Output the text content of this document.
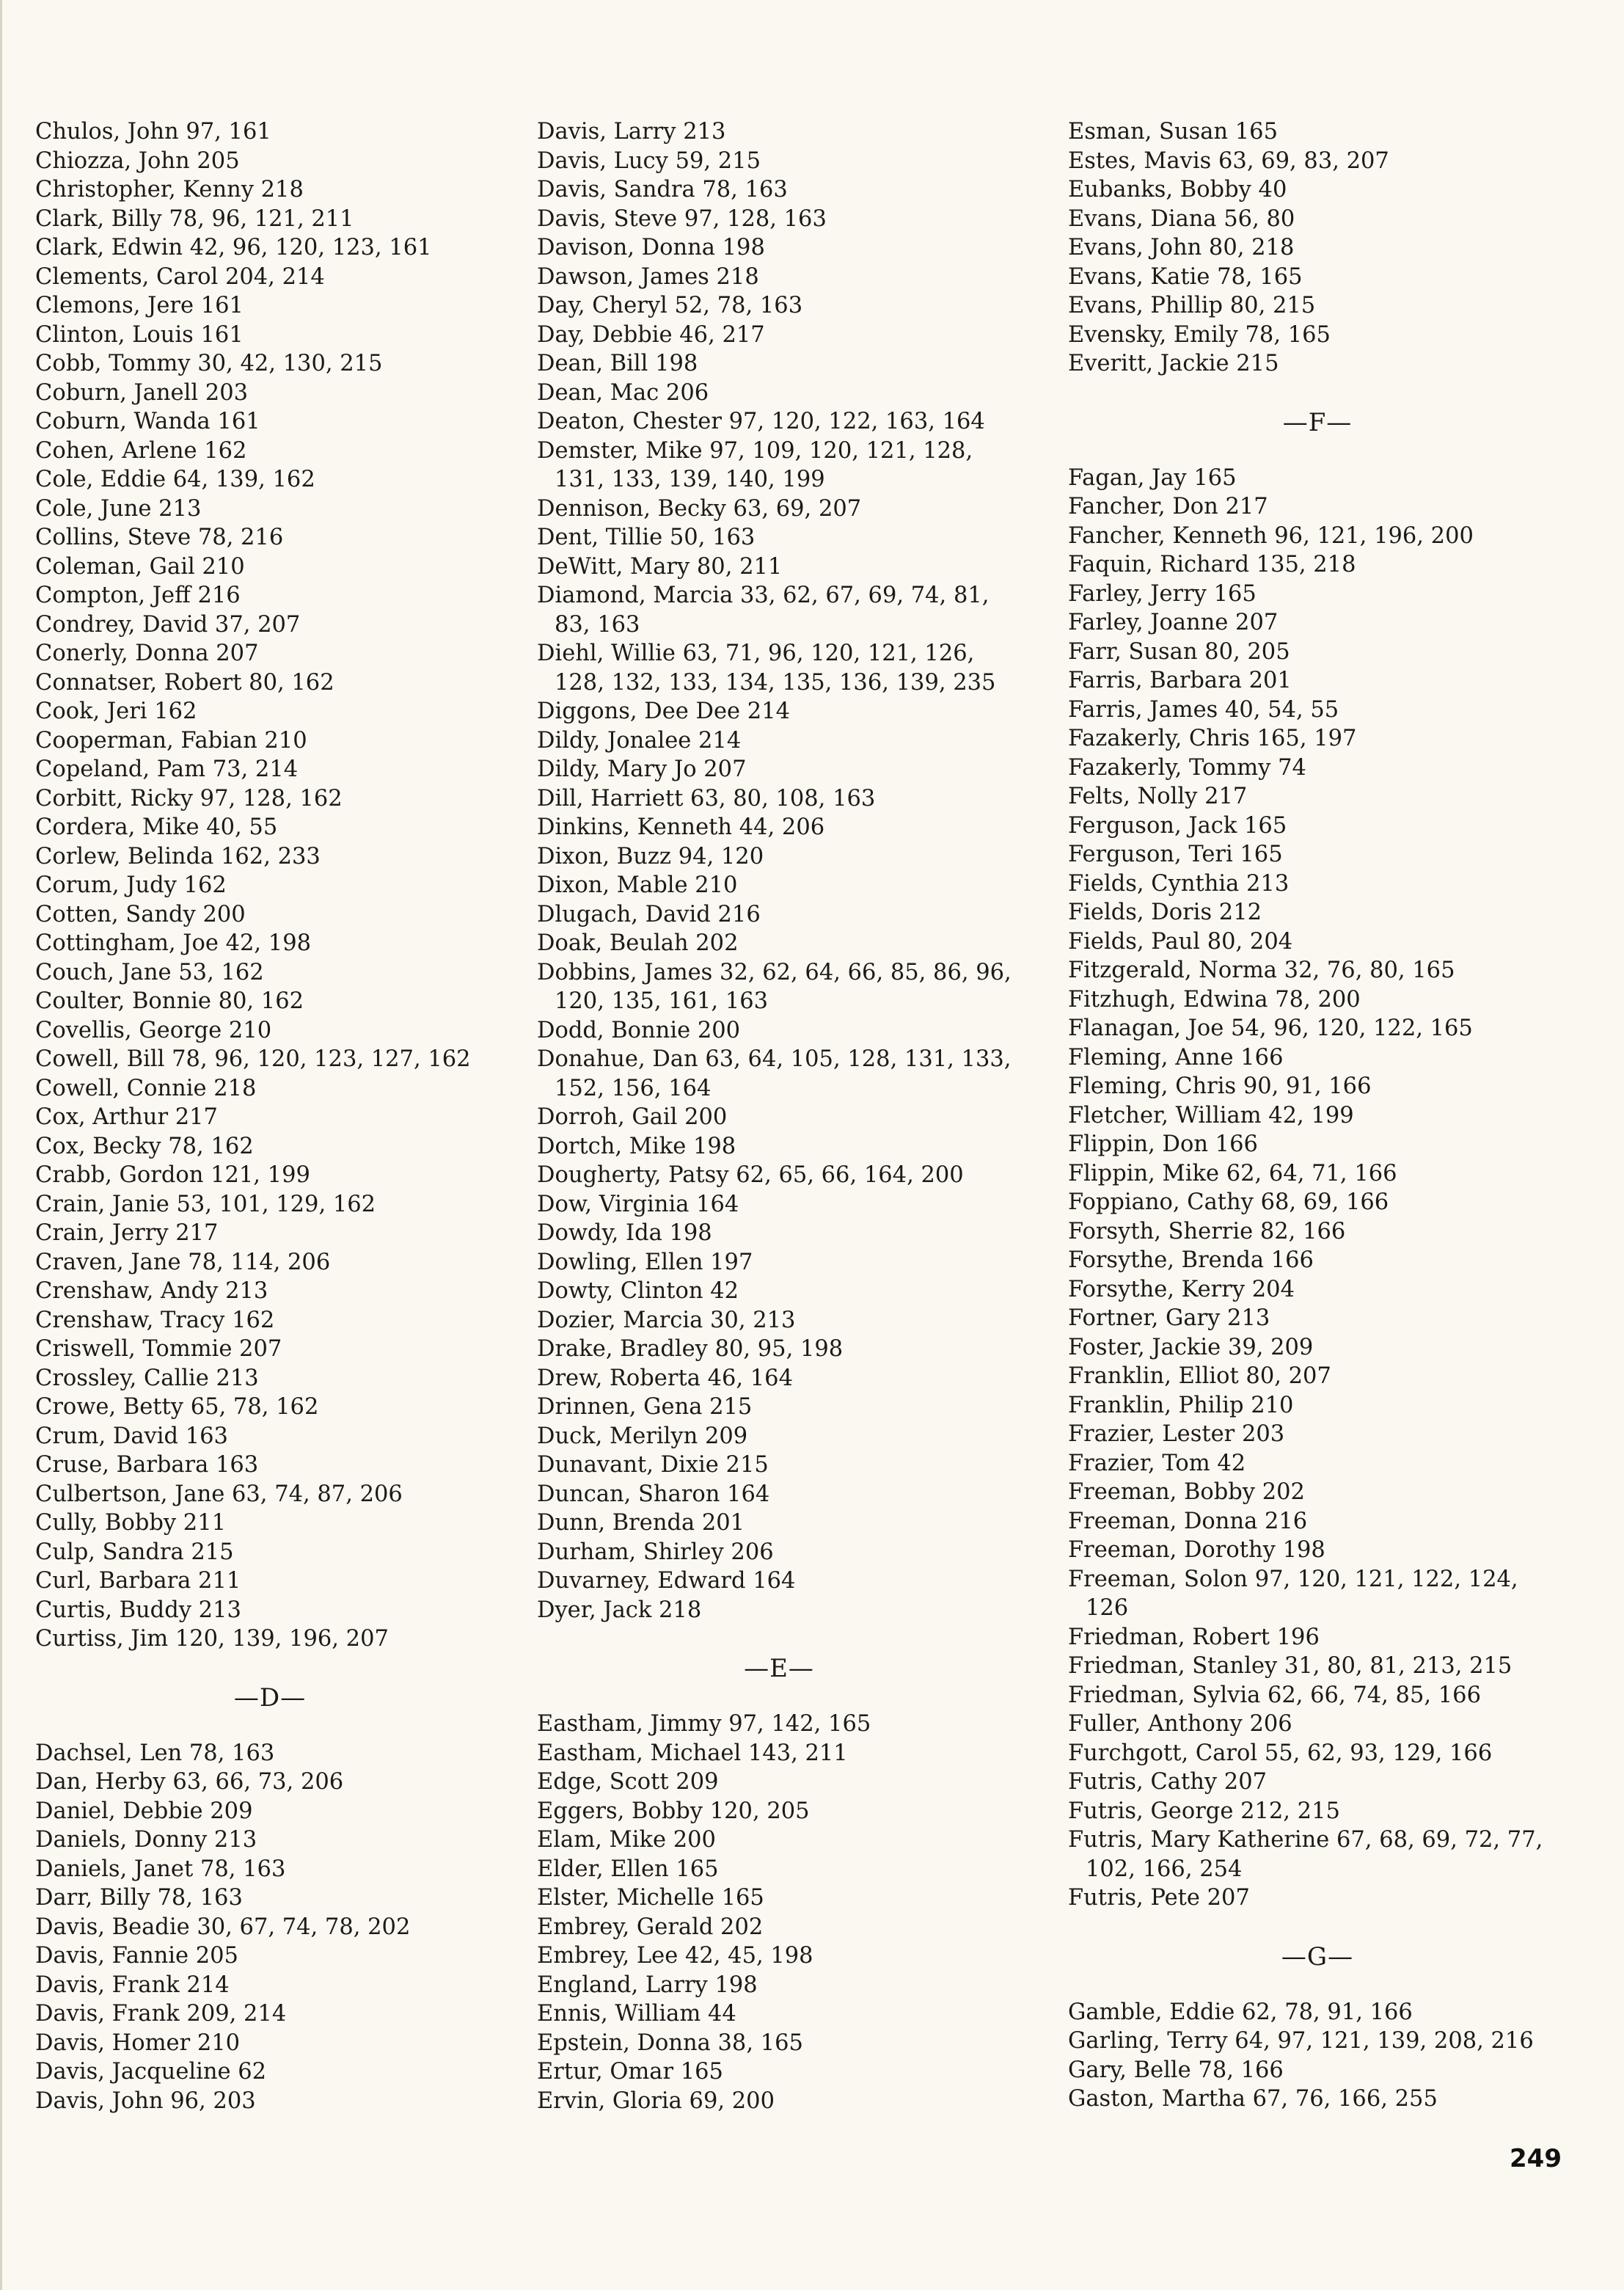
Chulos, John 97, 161
Chiozza, John 205
Christopher, Kenny 218
Clark, Billy 78, 96, 121, 211
Clark, Edwin 42, 96, 120, 123, 161
Clements, Carol 204, 214
Clemons, Jere 161
Clinton, Louis 161
Cobb, Tommy 30, 42, 130, 215
Coburn, Janell 203
Coburn, Wanda 161
Cohen, Arlene 162
Cole, Eddie 64, 139, 162
Cole, June 213
Collins, Steve 78, 216
Coleman, Gail 210
Compton, Jeff 216
Condrey, David 37, 207
Conerly, Donna 207
Connatser, Robert 80, 162
Cook, Jeri 162
Cooperman, Fabian 210
Copeland, Pam 73, 214
Corbitt, Ricky 97, 128, 162
Cordera, Mike 40, 55
Corlew, Belinda 162, 233
Corum, Judy 162
Cotten, Sandy 200
Cottingham, Joe 42, 198
Couch, Jane 53, 162
Coulter, Bonnie 80, 162
Covellis, George 210
Cowell, Bill 78, 96, 120, 123, 127, 162
Cowell, Connie 218
Cox, Arthur 217
Cox, Becky 78, 162
Crabb, Gordon 121, 199
Crain, Janie 53, 101, 129, 162
Crain, Jerry 217
Craven, Jane 78, 114, 206
Crenshaw, Andy 213
Crenshaw, Tracy 162
Criswell, Tommie 207
Crossley, Callie 213
Crowe, Betty 65, 78, 162
Crum, David 163
Cruse, Barbara 163
Culbertson, Jane 63, 74, 87, 206
Cully, Bobby 211
Culp, Sandra 215
Curl, Barbara 211
Curtis, Buddy 213
Curtiss, Jim 120, 139, 196, 207
—D—
Dachsel, Len 78, 163
Dan, Herby 63, 66, 73, 206
Daniel, Debbie 209
Daniels, Donny 213
Daniels, Janet 78, 163
Darr, Billy 78, 163
Davis, Beadie 30, 67, 74, 78, 202
Davis, Fannie 205
Davis, Frank 214
Davis, Frank 209, 214
Davis, Homer 210
Davis, Jacqueline 62
Davis, John 96, 203
Davis, Larry 213
Davis, Lucy 59, 215
Davis, Sandra 78, 163
Davis, Steve 97, 128, 163
Davison, Donna 198
Dawson, James 218
Day, Cheryl 52, 78, 163
Day, Debbie 46, 217
Dean, Bill 198
Dean, Mac 206
Deaton, Chester 97, 120, 122, 163, 164
Demster, Mike 97, 109, 120, 121, 128, 131, 133, 139, 140, 199
Dennison, Becky 63, 69, 207
Dent, Tillie 50, 163
DeWitt, Mary 80, 211
Diamond, Marcia 33, 62, 67, 69, 74, 81, 83, 163
Diehl, Willie 63, 71, 96, 120, 121, 126, 128, 132, 133, 134, 135, 136, 139, 235
Diggons, Dee Dee 214
Dildy, Jonalee 214
Dildy, Mary Jo 207
Dill, Harriett 63, 80, 108, 163
Dinkins, Kenneth 44, 206
Dixon, Buzz 94, 120
Dixon, Mable 210
Dlugach, David 216
Doak, Beulah 202
Dobbins, James 32, 62, 64, 66, 85, 86, 96, 120, 135, 161, 163
Dodd, Bonnie 200
Donahue, Dan 63, 64, 105, 128, 131, 133, 152, 156, 164
Dorroh, Gail 200
Dortch, Mike 198
Dougherty, Patsy 62, 65, 66, 164, 200
Dow, Virginia 164
Dowdy, Ida 198
Dowling, Ellen 197
Dowty, Clinton 42
Dozier, Marcia 30, 213
Drake, Bradley 80, 95, 198
Drew, Roberta 46, 164
Drinnen, Gena 215
Duck, Merilyn 209
Dunavant, Dixie 215
Duncan, Sharon 164
Dunn, Brenda 201
Durham, Shirley 206
Duvarney, Edward 164
Dyer, Jack 218
—E—
Eastham, Jimmy 97, 142, 165
Eastham, Michael 143, 211
Edge, Scott 209
Eggers, Bobby 120, 205
Elam, Mike 200
Elder, Ellen 165
Elster, Michelle 165
Embrey, Gerald 202
Embrey, Lee 42, 45, 198
England, Larry 198
Ennis, William 44
Epstein, Donna 38, 165
Ertur, Omar 165
Ervin, Gloria 69, 200
Esman, Susan 165
Estes, Mavis 63, 69, 83, 207
Eubanks, Bobby 40
Evans, Diana 56, 80
Evans, John 80, 218
Evans, Katie 78, 165
Evans, Phillip 80, 215
Evensky, Emily 78, 165
Everitt, Jackie 215
—F—
Fagan, Jay 165
Fancher, Don 217
Fancher, Kenneth 96, 121, 196, 200
Faquin, Richard 135, 218
Farley, Jerry 165
Farley, Joanne 207
Farr, Susan 80, 205
Farris, Barbara 201
Farris, James 40, 54, 55
Fazakerly, Chris 165, 197
Fazakerly, Tommy 74
Felts, Nolly 217
Ferguson, Jack 165
Ferguson, Teri 165
Fields, Cynthia 213
Fields, Doris 212
Fields, Paul 80, 204
Fitzgerald, Norma 32, 76, 80, 165
Fitzhugh, Edwina 78, 200
Flanagan, Joe 54, 96, 120, 122, 165
Fleming, Anne 166
Fleming, Chris 90, 91, 166
Fletcher, William 42, 199
Flippin, Don 166
Flippin, Mike 62, 64, 71, 166
Foppiano, Cathy 68, 69, 166
Forsyth, Sherrie 82, 166
Forsythe, Brenda 166
Forsythe, Kerry 204
Fortner, Gary 213
Foster, Jackie 39, 209
Franklin, Elliot 80, 207
Franklin, Philip 210
Frazier, Lester 203
Frazier, Tom 42
Freeman, Bobby 202
Freeman, Donna 216
Freeman, Dorothy 198
Freeman, Solon 97, 120, 121, 122, 124, 126
Friedman, Robert 196
Friedman, Stanley 31, 80, 81, 213, 215
Friedman, Sylvia 62, 66, 74, 85, 166
Fuller, Anthony 206
Furchgott, Carol 55, 62, 93, 129, 166
Futris, Cathy 207
Futris, George 212, 215
Futris, Mary Katherine 67, 68, 69, 72, 77, 102, 166, 254
Futris, Pete 207
—G—
Gamble, Eddie 62, 78, 91, 166
Garling, Terry 64, 97, 121, 139, 208, 216
Gary, Belle 78, 166
Gaston, Martha 67, 76, 166, 255
249
